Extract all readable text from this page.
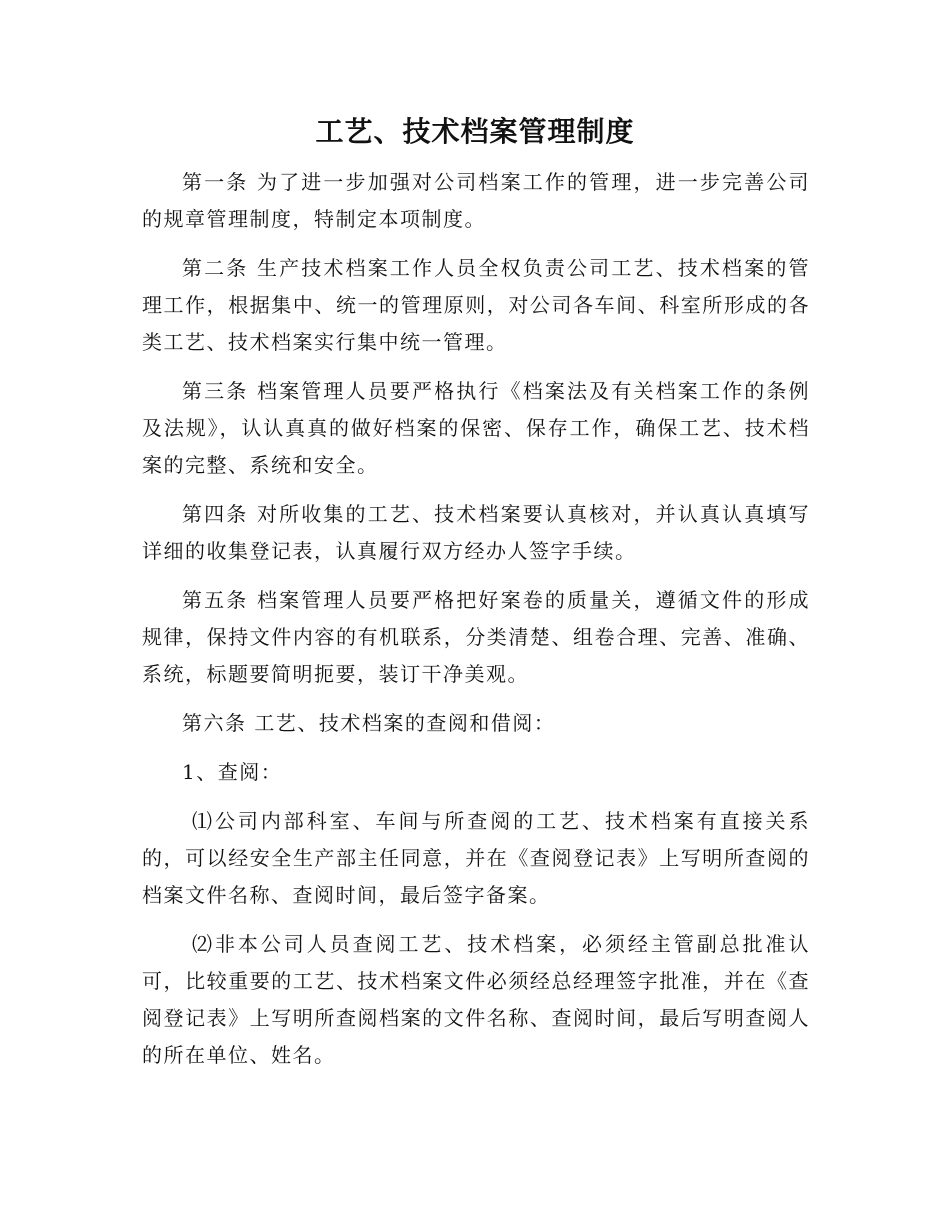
工艺、技术档案管理制度

第一条 为了进一步加强对公司档案工作的管理，进一步完善公司的规章管理制度，特制定本项制度。

第二条 生产技术档案工作人员全权负责公司工艺、技术档案的管理工作，根据集中、统一的管理原则，对公司各车间、科室所形成的各类工艺、技术档案实行集中统一管理。

第三条 档案管理人员要严格执行《档案法及有关档案工作的条例及法规》，认认真真的做好档案的保密、保存工作，确保工艺、技术档案的完整、系统和安全。

第四条 对所收集的工艺、技术档案要认真核对，并认真认真填写详细的收集登记表，认真履行双方经办人签字手续。

第五条 档案管理人员要严格把好案卷的质量关，遵循文件的形成规律，保持文件内容的有机联系，分类清楚、组卷合理、完善、准确、系统，标题要简明扼要，装订干净美观。

第六条 工艺、技术档案的查阅和借阅：

1、查阅：

⑴公司内部科室、车间与所查阅的工艺、技术档案有直接关系的，可以经安全生产部主任同意，并在《查阅登记表》上写明所查阅的档案文件名称、查阅时间，最后签字备案。

⑵非本公司人员查阅工艺、技术档案，必须经主管副总批准认可，比较重要的工艺、技术档案文件必须经总经理签字批准，并在《查阅登记表》上写明所查阅档案的文件名称、查阅时间，最后写明查阅人的所在单位、姓名。
